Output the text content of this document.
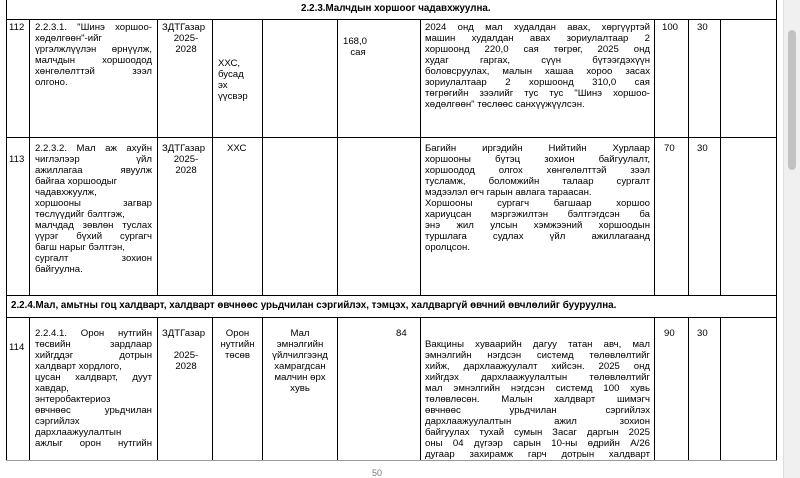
2.2.3.Малчдын хоршоог чадавхжуулна.
112 2.2.3.1. "Шинэ хоршоо-
хөдөлгөөн"-ийг
үргэлжлүүлэн өрнүүлж,
малчдын хоршоодод
хөнгөлөлттэй зээл
олгоно.
ЗДТГазар
2025-
2028
ХХС,
бусад
эх
үүсвэр
168,0
сая
2024 онд мал худалдан авах, хөргүүртэй
машин худалдан авах зориулалтаар 2
хоршоонд 220,0 сая төгрөг, 2025 онд
худаг гаргах, сүүн бүтээгдэхүүн
боловсруулах, малын хашаа хороо засах
зориулалтаар 2 хоршоонд 310,0 сая
төгрөгийн зээлийг тус тус "Шинэ хоршоо-
хөдөлгөөн" төслөөс санхүүжүүлсэн.
100 30
113
2.2.3.2. Мал аж ахуйн
чиглэлээр үйл
ажиллагаа явуулж
байгаа хоршоодыг
чадавхжуулж,
хоршооны загвар
төслүүдийг бэлтгэж,
малчдад зөвлөн туслах
үүрэг бүхий сургагч
багш нарыг бэлтгэн,
сургалт зохион
байгуулна.
ЗДТГазар
2025-
2028
ХХС	Багийн иргэдийн Нийтийн Хурлаар
хоршооны бүтэц зохион байгуулалт,
хоршоодод олгох хөнгөлөлттэй зээл
тусламж, боломжийн талаар сургалт
мэдээлэл өгч гарын авлага тараасан.
Хоршооны сургагч багшаар хоршоо
хариуцсан мэргэжилтэн бэлтгэгдсэн ба
энэ жил улсын хэмжээний хоршоодын
туршлага судлах үйл ажиллагаанд
оролцсон.
70 30
2.2.4.Мал, амьтны гоц халдварт, халдварт өвчнөөс урьдчилан сэргийлэх, тэмцэх, халдваргүй өвчний өвчлөлийг бууруулна.
114
2.2.4.1. Орон нутгийн
төсвийн зардлаар
хийгддэг дотрын
халдварт хордлого,
цусан халдварт, дуут
хавдар,
энтеробактериоз
өвчнөөс урьдчилан
сэргийлэх
дархлаажуулалтын
ажлыг орон нутгийн
ЗДТГазар
2025-
2028
Орон
нутгийн
төсөв
Мал
эмнэлгийн
үйлчилгээнд
хамрагдсан
малчин өрх
хувь
84
Вакцины хуваарийн дагуу татан авч, мал
эмнэлгийн нэгдсэн системд төлөвлөлтийг
хийж, дархлаажуулалт хийсэн. 2025 онд
хийгдэх дархлаажуулалтын төлөвлөлтийг
мал эмнэлгийн нэгдсэн системд 100 хувь
төлөвлөсөн. Малын халдварт шимэгч
өвчнөөс урьдчилан сэргийлэх
дархлаажуулалтын ажил зохион
байгуулах тухай сумын Засаг даргын 2025
оны 04 дүгээр сарын 10-ны өдрийн А/26
дугаар захирамж гарч дотрын халдварт
90 30
50
